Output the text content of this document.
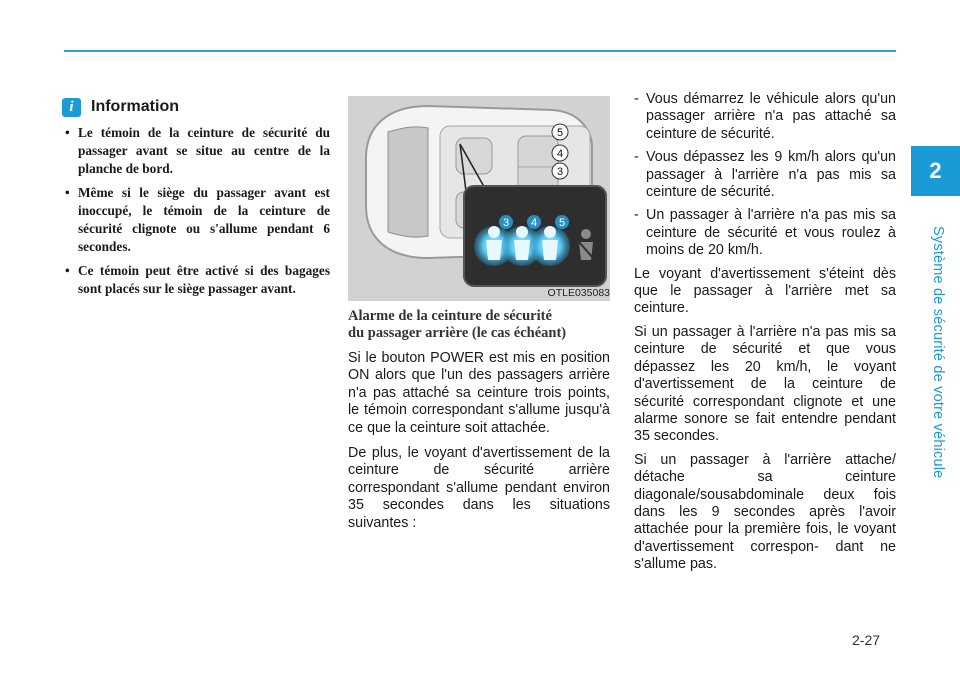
2
Système de sécurité de votre véhicule
i	Information
• Le témoin de la ceinture de sécurité du passager avant se situe au centre de la planche de bord.
• Même si le siège du passager avant est inoccupé, le témoin de la ceinture de sécurité clignote ou s'allume pendant 6 secondes.
• Ce témoin peut être activé si des bagages sont placés sur le siège passager avant.
5
4
3
3 4 5
OTLE035083
Alarme de la ceinture de sécurité
du passager arrière (le cas échéant)

Si le bouton POWER est mis en position ON alors que l'un des passagers arrière n'a pas attaché sa ceinture trois points, le témoin correspondant s'allume jusqu'à ce que la ceinture soit attachée.

De plus, le voyant d'avertissement de la ceinture de sécurité arrière correspondant s'allume pendant environ 35 secondes dans les situations suivantes :

- Vous démarrez le véhicule alors qu'un passager arrière n'a pas attaché sa ceinture de sécurité.
- Vous dépassez les 9 km/h alors qu'un passager à l'arrière n'a pas mis sa ceinture de sécurité.
- Un passager à l'arrière n'a pas mis sa ceinture de sécurité et vous roulez à moins de 20 km/h.

Le voyant d'avertissement s'éteint dès que le passager à l'arrière met sa ceinture.

Si un passager à l'arrière n'a pas mis sa ceinture de sécurité et que vous dépassez les 20 km/h, le voyant d'avertissement de la ceinture de sécurité correspondant clignote et une alarme sonore se fait entendre pendant 35 secondes.

Si un passager à l'arrière attache/ détache sa ceinture diagonale/sousabdominale deux fois dans les 9 secondes après l'avoir attachée pour la première fois, le voyant d'avertissement correspon- dant ne s'allume pas.

2-27
